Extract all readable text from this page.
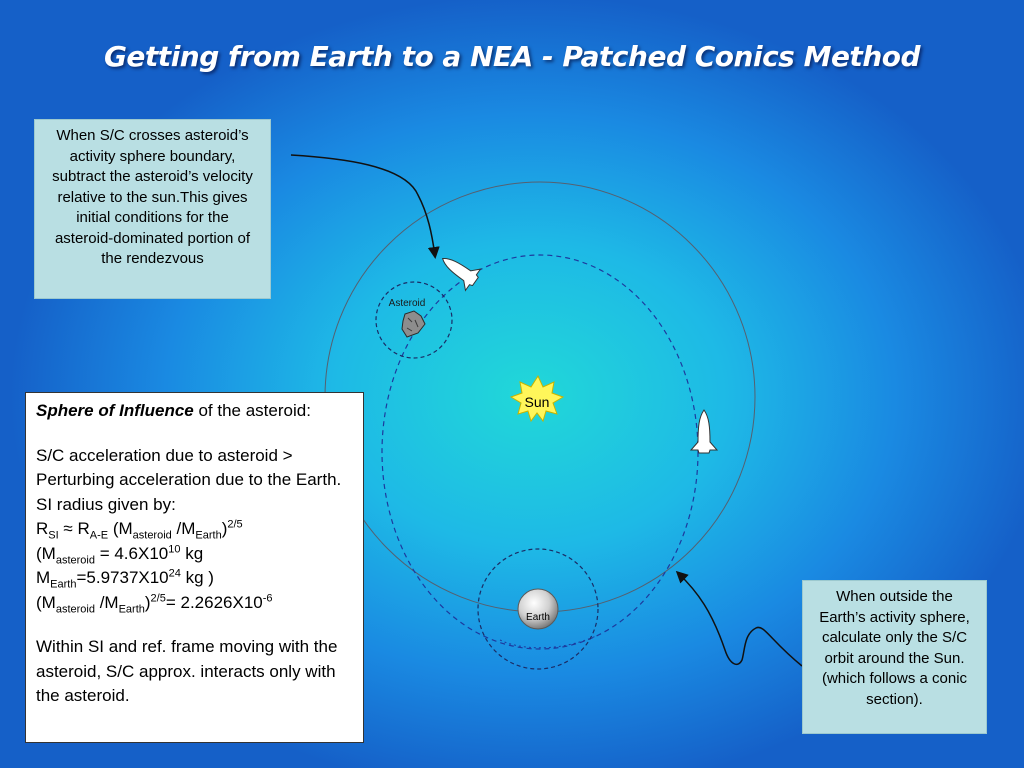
Sun
Earth
Asteroid
Getting from Earth to a NEA - Patched Conics Method
When S/C crosses asteroid’s activity sphere boundary, subtract the asteroid’s velocity relative to the sun.This gives initial conditions for the asteroid-dominated portion of the rendezvous
When outside the Earth’s activity sphere, calculate only the S/C orbit around the Sun. (which follows a conic section).

Sphere of Influence of the asteroid:

S/C acceleration due to asteroid > Perturbing acceleration due to the Earth. SI radius given by:

$R_{SI} \approx R_{A-E}$ ($M_{asteroid}$ $/M_{Earth})^{2/5}$

($M_{asteroid} = 4.6X10^{10}$ kg

$M_{Earth}=5.9737X10^{24}$ kg )

($M_{asteroid}$ $/M_{Earth})^{2/5}= 2.2626X10^{-6}$

Within SI and ref. frame moving with the asteroid, S/C approx. interacts only with the asteroid.
